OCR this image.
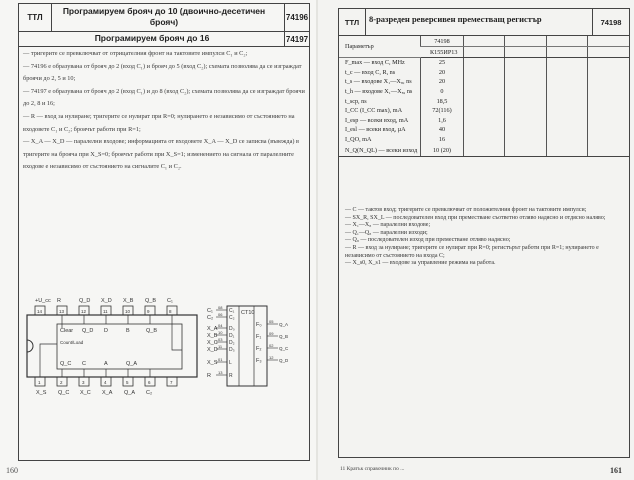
ТТЛ
Програмируем брояч до 10 (двоично-десетичен брояч)	74196
Програмируем брояч до 16	74197

— тригерите се превключват от отрицателния фронт на тактовите импулси C₁ и C₂;

— 74196 е образувана от брояч до 2 (вход C₁) и брояч до 5 (вход C₂); схемата позволява да се изграждат броячи до 2, 5 и 10;

— 74197 е образувана от брояч до 2 (вход C₁) и до 8 (вход C₂); схемата позволява да се изграждат броячи до 2, 8 и 16;

— R — вход за нулиране; тригерите се нулират при R=0; нулирането е независимо от състоянието на входовете C₁ и C₂; броячът работи при R=1;

— X_A — X_D — паралелни входове; информацията от входовете X_A — X_D се записва (въвежда) в тригерите на брояча при X_S=0; броячът работи при X_S=1; изменението на сигнала от паралелните входове е независимо от състоянието на сигналите C₁ и C₂.

14
+U_cc
13
R
12
Q_D
11
X_D
10
X_B
9
Q_B
8
C₁
1
X_S
2
Q_C
3
X_C
4
X_A
5
Q_A
6
C₂
7
Clear Q_D D	B	Q_B
Count/Load
Q_C C	A	Q_A
CT10
C₁
08
C₁
C₂
06
C₂
X_A
04
D₀
X_B
10
D₁
X_C
03
D₂
X_D
11
D₃
X_S
01
L
R
13
R
F₀
05
Q_A
F₁
09
Q_B
F₂
02
Q_C
F₃
12
Q_D
160
ТТЛ	8-разреден реверсивен преместващ регистър	74198
Параметър	74198				
	К155ИР13				
F_max — вход C, MHz	25				
t_c — вход C, R, ns	20				
t_s — входове X₁—X₈, ns	20				
t_h — входове X₁—X₈, ns	0				
t_scp, ns	18,5				
I_CC (I_CC max), mA	72(116)				
I_esp — всеки вход, mA	1,6				
I_esl — всеки вход, µA	40				
I_QO, mA	16				
N_Q(N_QL) — всеки изход	10 (20)				

— C — тактов вход; тригерите се превключват от положителния фронт на тактовите импулси;

— SX_R, SX_L — последователен вход при преместване съответно отляво надясно и отдясно наляво;

— X₁—X₈ — паралелни входове;

— Q₁—Q₈ — паралелни изходи;

— Q₈ — последователен изход при преместване отляво надясно;

— R — вход за нулиране; тригерите се нулират при R=0; регистърът работи при R=1; нулирането е независимо от състоянието на входа C;

— X_s0, X_s1 — входове за управление режима на работа.

11 Кратък справочник по ...	161
